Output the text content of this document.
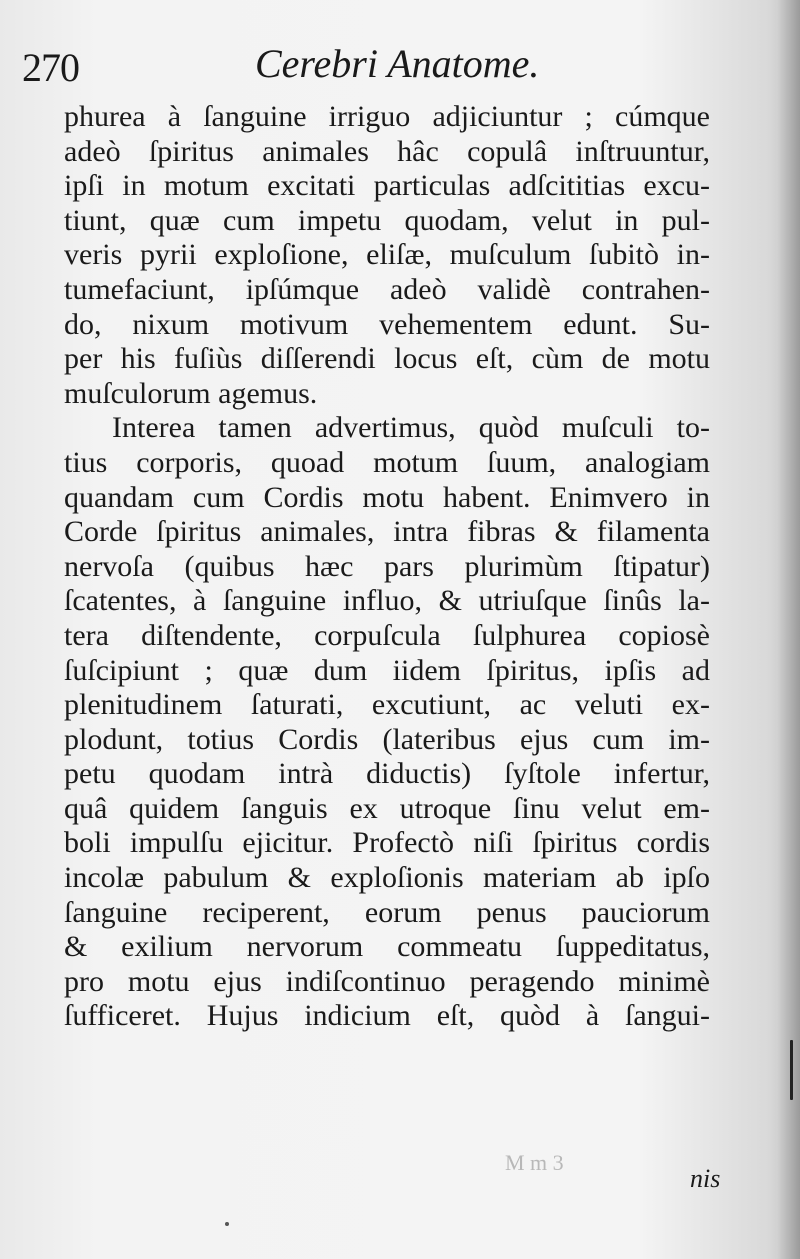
270	Cerebri Anatome.
phurea à ſanguine irriguo adjiciuntur ; cúmque
adeò ſpiritus animales hâc copulâ inſtruuntur,
ipſi in motum excitati particulas adſcititias excu-
tiunt, quæ cum impetu quodam, velut in pul-
veris pyrii exploſione, eliſæ, muſculum ſubitò in-
tumefaciunt, ipſúmque adeò validè contrahen-
do, nixum motivum vehementem edunt. Su-
per his fuſiùs diſſerendi locus eſt, cùm de motu
muſculorum agemus.
Interea tamen advertimus, quòd muſculi to-
tius corporis, quoad motum ſuum, analogiam
quandam cum Cordis motu habent. Enimvero in
Corde ſpiritus animales, intra fibras & filamenta
nervoſa (quibus hæc pars plurimùm ſtipatur)
ſcatentes, à ſanguine influo, & utriuſque ſinûs la-
tera diſtendente, corpuſcula ſulphurea copiosè
ſuſcipiunt ; quæ dum iidem ſpiritus, ipſis ad
plenitudinem ſaturati, excutiunt, ac veluti ex-
plodunt, totius Cordis (lateribus ejus cum im-
petu quodam intrà diductis) ſyſtole infertur,
quâ quidem ſanguis ex utroque ſinu velut em-
boli impulſu ejicitur. Profectò niſi ſpiritus cordis
incolæ pabulum & exploſionis materiam ab ipſo
ſanguine reciperent, eorum penus pauciorum
& exilium nervorum commeatu ſuppeditatus,
pro motu ejus indiſcontinuo peragendo minimè
ſufficeret. Hujus indicium eſt, quòd à ſangui-
M m 3
nis
